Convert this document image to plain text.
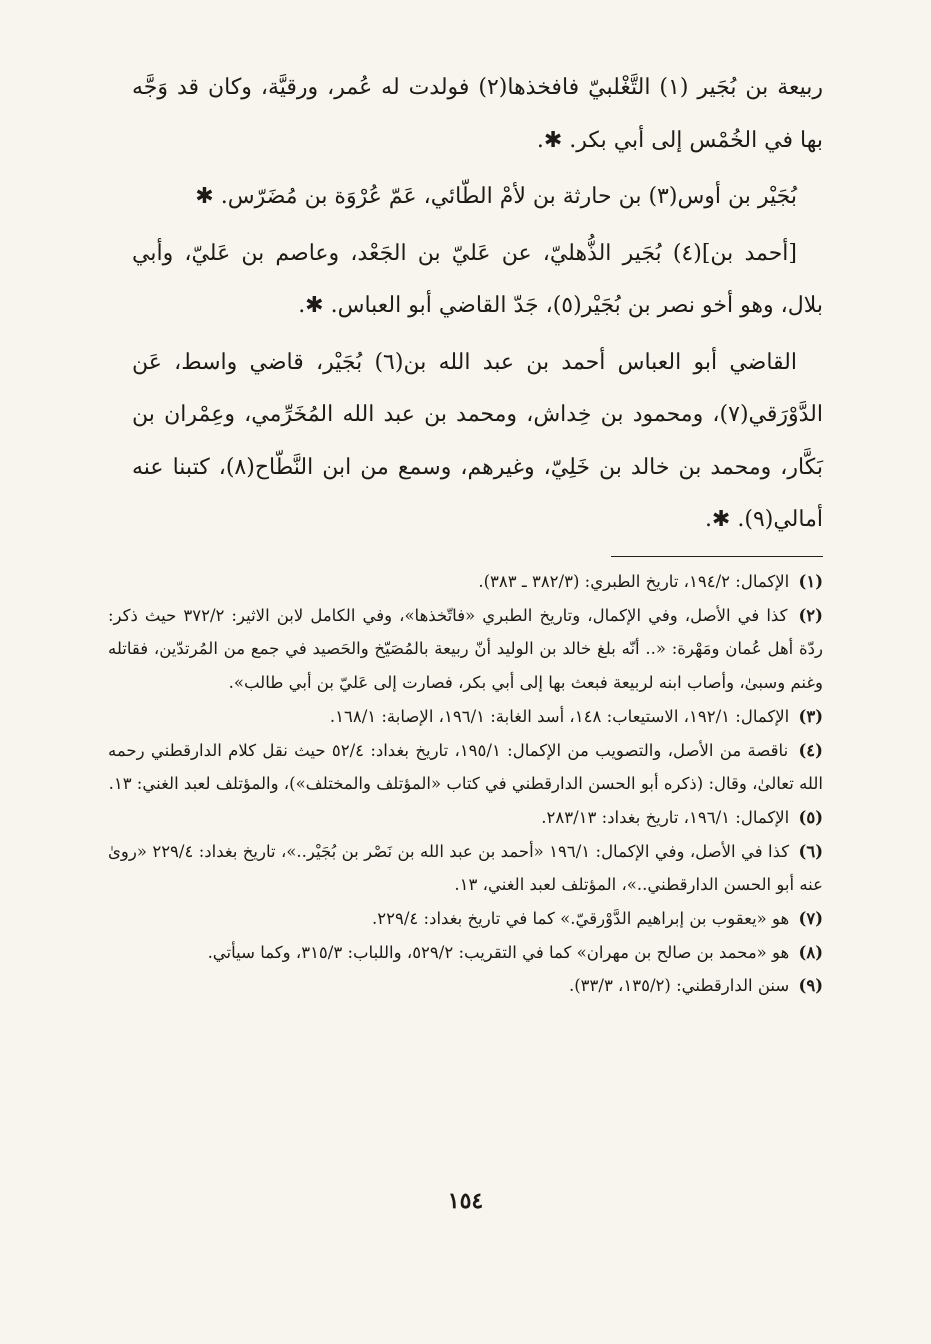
ربيعة بن بُجَير (١) التَّغْلبيّ فافخذها(٢) فولدت له عُمر، ورقيَّة، وكان قد وَجَّه بها في الخُمْس إلى أبي بكر. ✱.

بُجَيْر بن أوس(٣) بن حارثة بن لأمْ الطّائي، عَمّ عُرْوَة بن مُضَرّس. ✱

[أحمد بن](٤) بُجَير الذُّهليّ، عن عَليّ بن الجَعْد، وعاصم بن عَليّ، وأبي بلال، وهو أخو نصر بن بُجَيْر(٥)، جَدّ القاضي أبو العباس. ✱.

القاضي أبو العباس أحمد بن عبد الله بن(٦) بُجَيْر، قاضي واسط، عَن الدَّوْرَقي(٧)، ومحمود بن خِداش، ومحمد بن عبد الله المُخَرِّمي، وعِمْران بن بَكَّار، ومحمد بن خالد بن خَلِيّ، وغيرهم، وسمع من ابن النَّطّاح(٨)، كتبنا عنه أمالي(٩). ✱.

(١) الإكمال: ١٩٤/٢، تاريخ الطبري: (٣٨٢/٣ ـ ٣٨٣).

(٢) كذا في الأصل، وفي الإكمال، وتاريخ الطبري «فاتّخذها»، وفي الكامل لابن الاثير: ٣٧٢/٢ حيث ذكر: ردّة أهل عُمان ومَهْرة: «.. أنّه بلغ خالد بن الوليد أنّ ربيعة بالمُصَيّخ والحَصيد في جمع من المُرتدّين، فقاتله وغنم وسبىٰ، وأصاب ابنه لربيعة فبعث بها إلى أبي بكر، فصارت إلى عَليّ بن أبي طالب».

(٣) الإكمال: ١٩٢/١، الاستيعاب: ١٤٨، أسد الغابة: ١٩٦/١، الإصابة: ١٦٨/١.

(٤) ناقصة من الأصل، والتصويب من الإكمال: ١٩٥/١، تاريخ بغداد: ٥٢/٤ حيث نقل كلام الدارقطني رحمه الله تعالىٰ، وقال: (ذكره أبو الحسن الدارقطني في كتاب «المؤتلف والمختلف»)، والمؤتلف لعبد الغني: ١٣.

(٥) الإكمال: ١٩٦/١، تاريخ بغداد: ٢٨٣/١٣.

(٦) كذا في الأصل، وفي الإكمال: ١٩٦/١ «أحمد بن عبد الله بن نَصْر بن بُجَيْر..»، تاريخ بغداد: ٢٢٩/٤ «روىٰ عنه أبو الحسن الدارقطني..»، المؤتلف لعبد الغني، ١٣.

(٧) هو «يعقوب بن إبراهيم الدَّوْرقيّ.» كما في تاريخ بغداد: ٢٢٩/٤.

(٨) هو «محمد بن صالح بن مهران» كما في التقريب: ٥٢٩/٢، واللباب: ٣١٥/٣، وكما سيأتي.

(٩) سنن الدارقطني: (١٣٥/٢، ٣٣/٣).

١٥٤
